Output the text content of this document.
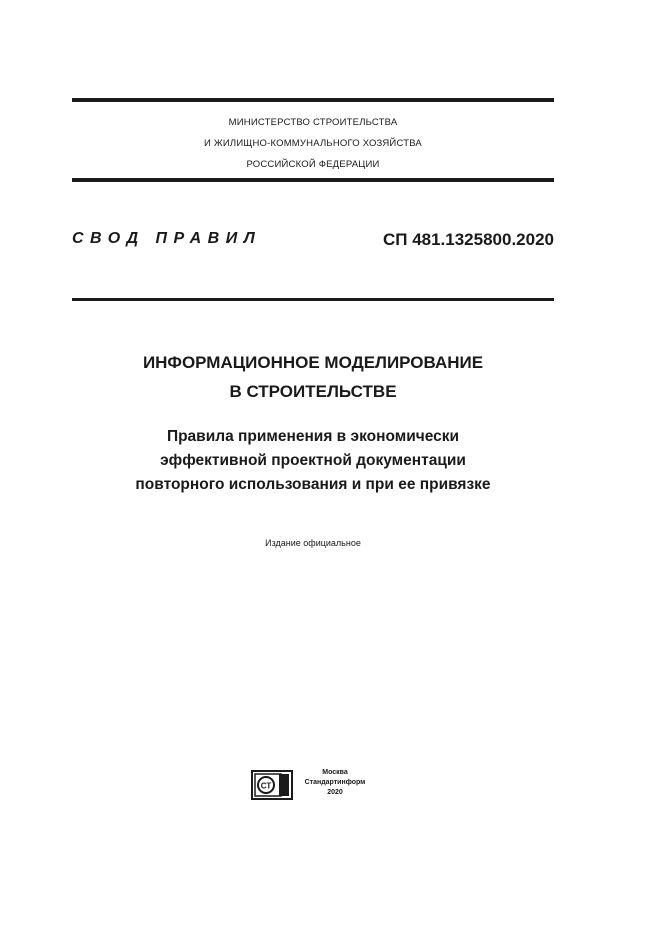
МИНИСТЕРСТВО СТРОИТЕЛЬСТВА
И ЖИЛИЩНО-КОММУНАЛЬНОГО ХОЗЯЙСТВА
РОССИЙСКОЙ ФЕДЕРАЦИИ
СВОД ПРАВИЛ	СП 481.1325800.2020
ИНФОРМАЦИОННОЕ МОДЕЛИРОВАНИЕ
В СТРОИТЕЛЬСТВЕ
Правила применения в экономически
эффективной проектной документации
повторного использования и при ее привязке
Издание официальное
СТ
Москва
Стандартинформ
2020
